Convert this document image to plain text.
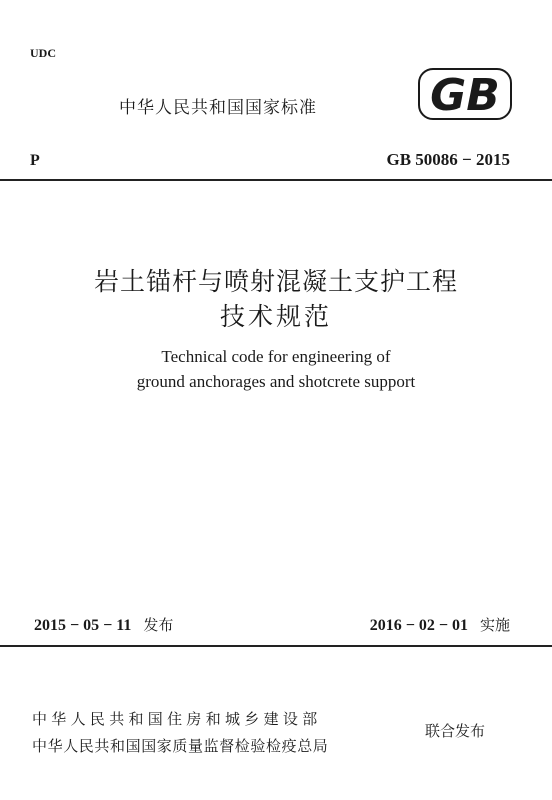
UDC
中华人民共和国国家标准	GB
P	GB 50086 − 2015
岩土锚杆与喷射混凝土支护工程
技术规范
Technical code for engineering of
ground anchorages and shotcrete support
2015 − 05 − 11 发布	2016 − 02 − 01 实施
中华人民共和国住房和城乡建设部
中华人民共和国国家质量监督检验检疫总局
联合发布
